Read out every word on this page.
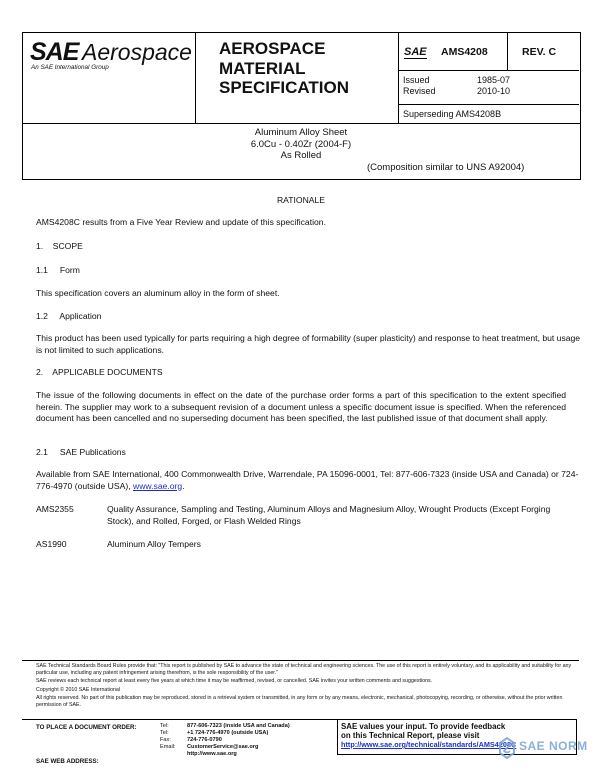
SAE Aerospace
An SAE International Group
AEROSPACE
MATERIAL
SPECIFICATION
SAE AMS4208	REV. C
Issued	1985-07
Revised	2010-10
Superseding AMS4208B
Aluminum Alloy Sheet
6.0Cu - 0.40Zr (2004-F)
As Rolled
(Composition similar to UNS A92004)
RATIONALE
AMS4208C results from a Five Year Review and update of this specification.
1.    SCOPE
1.1     Form
This specification covers an aluminum alloy in the form of sheet.
1.2     Application
This product has been used typically for parts requiring a high degree of formability (super plasticity) and response to heat treatment, but usage is not limited to such applications.
2.    APPLICABLE DOCUMENTS
The issue of the following documents in effect on the date of the purchase order forms a part of this specification to the extent specified herein. The supplier may work to a subsequent revision of a document unless a specific document issue is specified. When the referenced document has been cancelled and no superseding document has been specified, the last published issue of that document shall apply.
2.1     SAE Publications
Available from SAE International, 400 Commonwealth Drive, Warrendale, PA 15096-0001, Tel: 877-606-7323 (inside USA and Canada) or 724-776-4970 (outside USA), www.sae.org.
AMS2355	Quality Assurance, Sampling and Testing, Aluminum Alloys and Magnesium Alloy, Wrought Products (Except Forging Stock), and Rolled, Forged, or Flash Welded Rings
AS1990	Aluminum Alloy Tempers
SAE Technical Standards Board Rules provide that: "This report is published by SAE to advance the state of technical and engineering sciences. The use of this report is entirely voluntary, and its applicability and suitability for any particular use, including any patent infringement arising therefrom, is the sole responsibility of the user."
SAE reviews each technical report at least every five years at which time it may be reaffirmed, revised, or cancelled. SAE invites your written comments and suggestions.
Copyright © 2010 SAE International
All rights reserved. No part of this publication may be reproduced, stored in a retrieval system or transmitted, in any form or by any means, electronic, mechanical, photocopying, recording, or otherwise, without the prior written permission of SAE.
TO PLACE A DOCUMENT ORDER:	Tel:	877-606-7323 (inside USA and Canada)
Tel:	+1 724-776-4970 (outside USA)
Fax:	724-776-0790
Email: CustomerService@sae.org
http://www.sae.org
SAE WEB ADDRESS:
SAE values your input. To provide feedback
on this Technical Report, please visit
http://www.sae.org/technical/standards/AMS4208C SAE NORM
